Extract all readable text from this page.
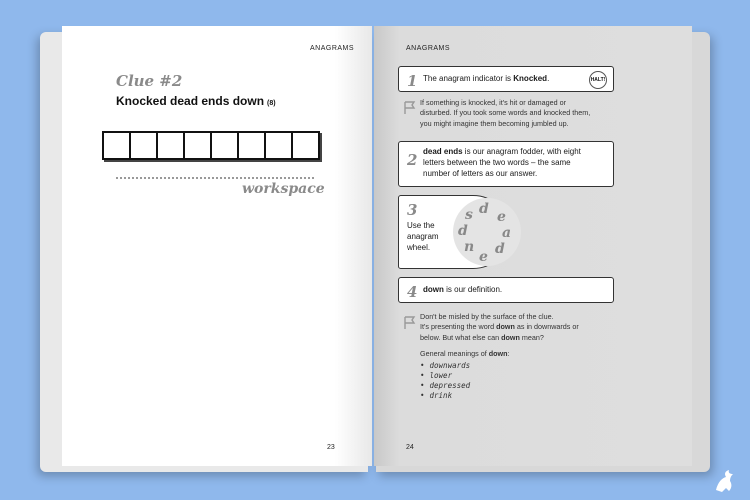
ANAGRAMS
Clue #2
Knocked dead ends down (8)
workspace
23
ANAGRAMS
1 The anagram indicator is Knocked.	HALT!
If something is knocked, it's hit or damaged or
disturbed. If you took some words and knocked them,
you might imagine them becoming jumbled up.
2 dead ends is our anagram fodder, with eight
letters between the two words – the same
number of letters as our answer.
3
Use the
anagram
wheel.
d e
a
d
e
n
d
s
4 down is our definition.
Don't be misled by the surface of the clue.
It's presenting the word down as in downwards or
below. But what else can down mean?
General meanings of down:
• downwards
• lower
• depressed
• drink
24
